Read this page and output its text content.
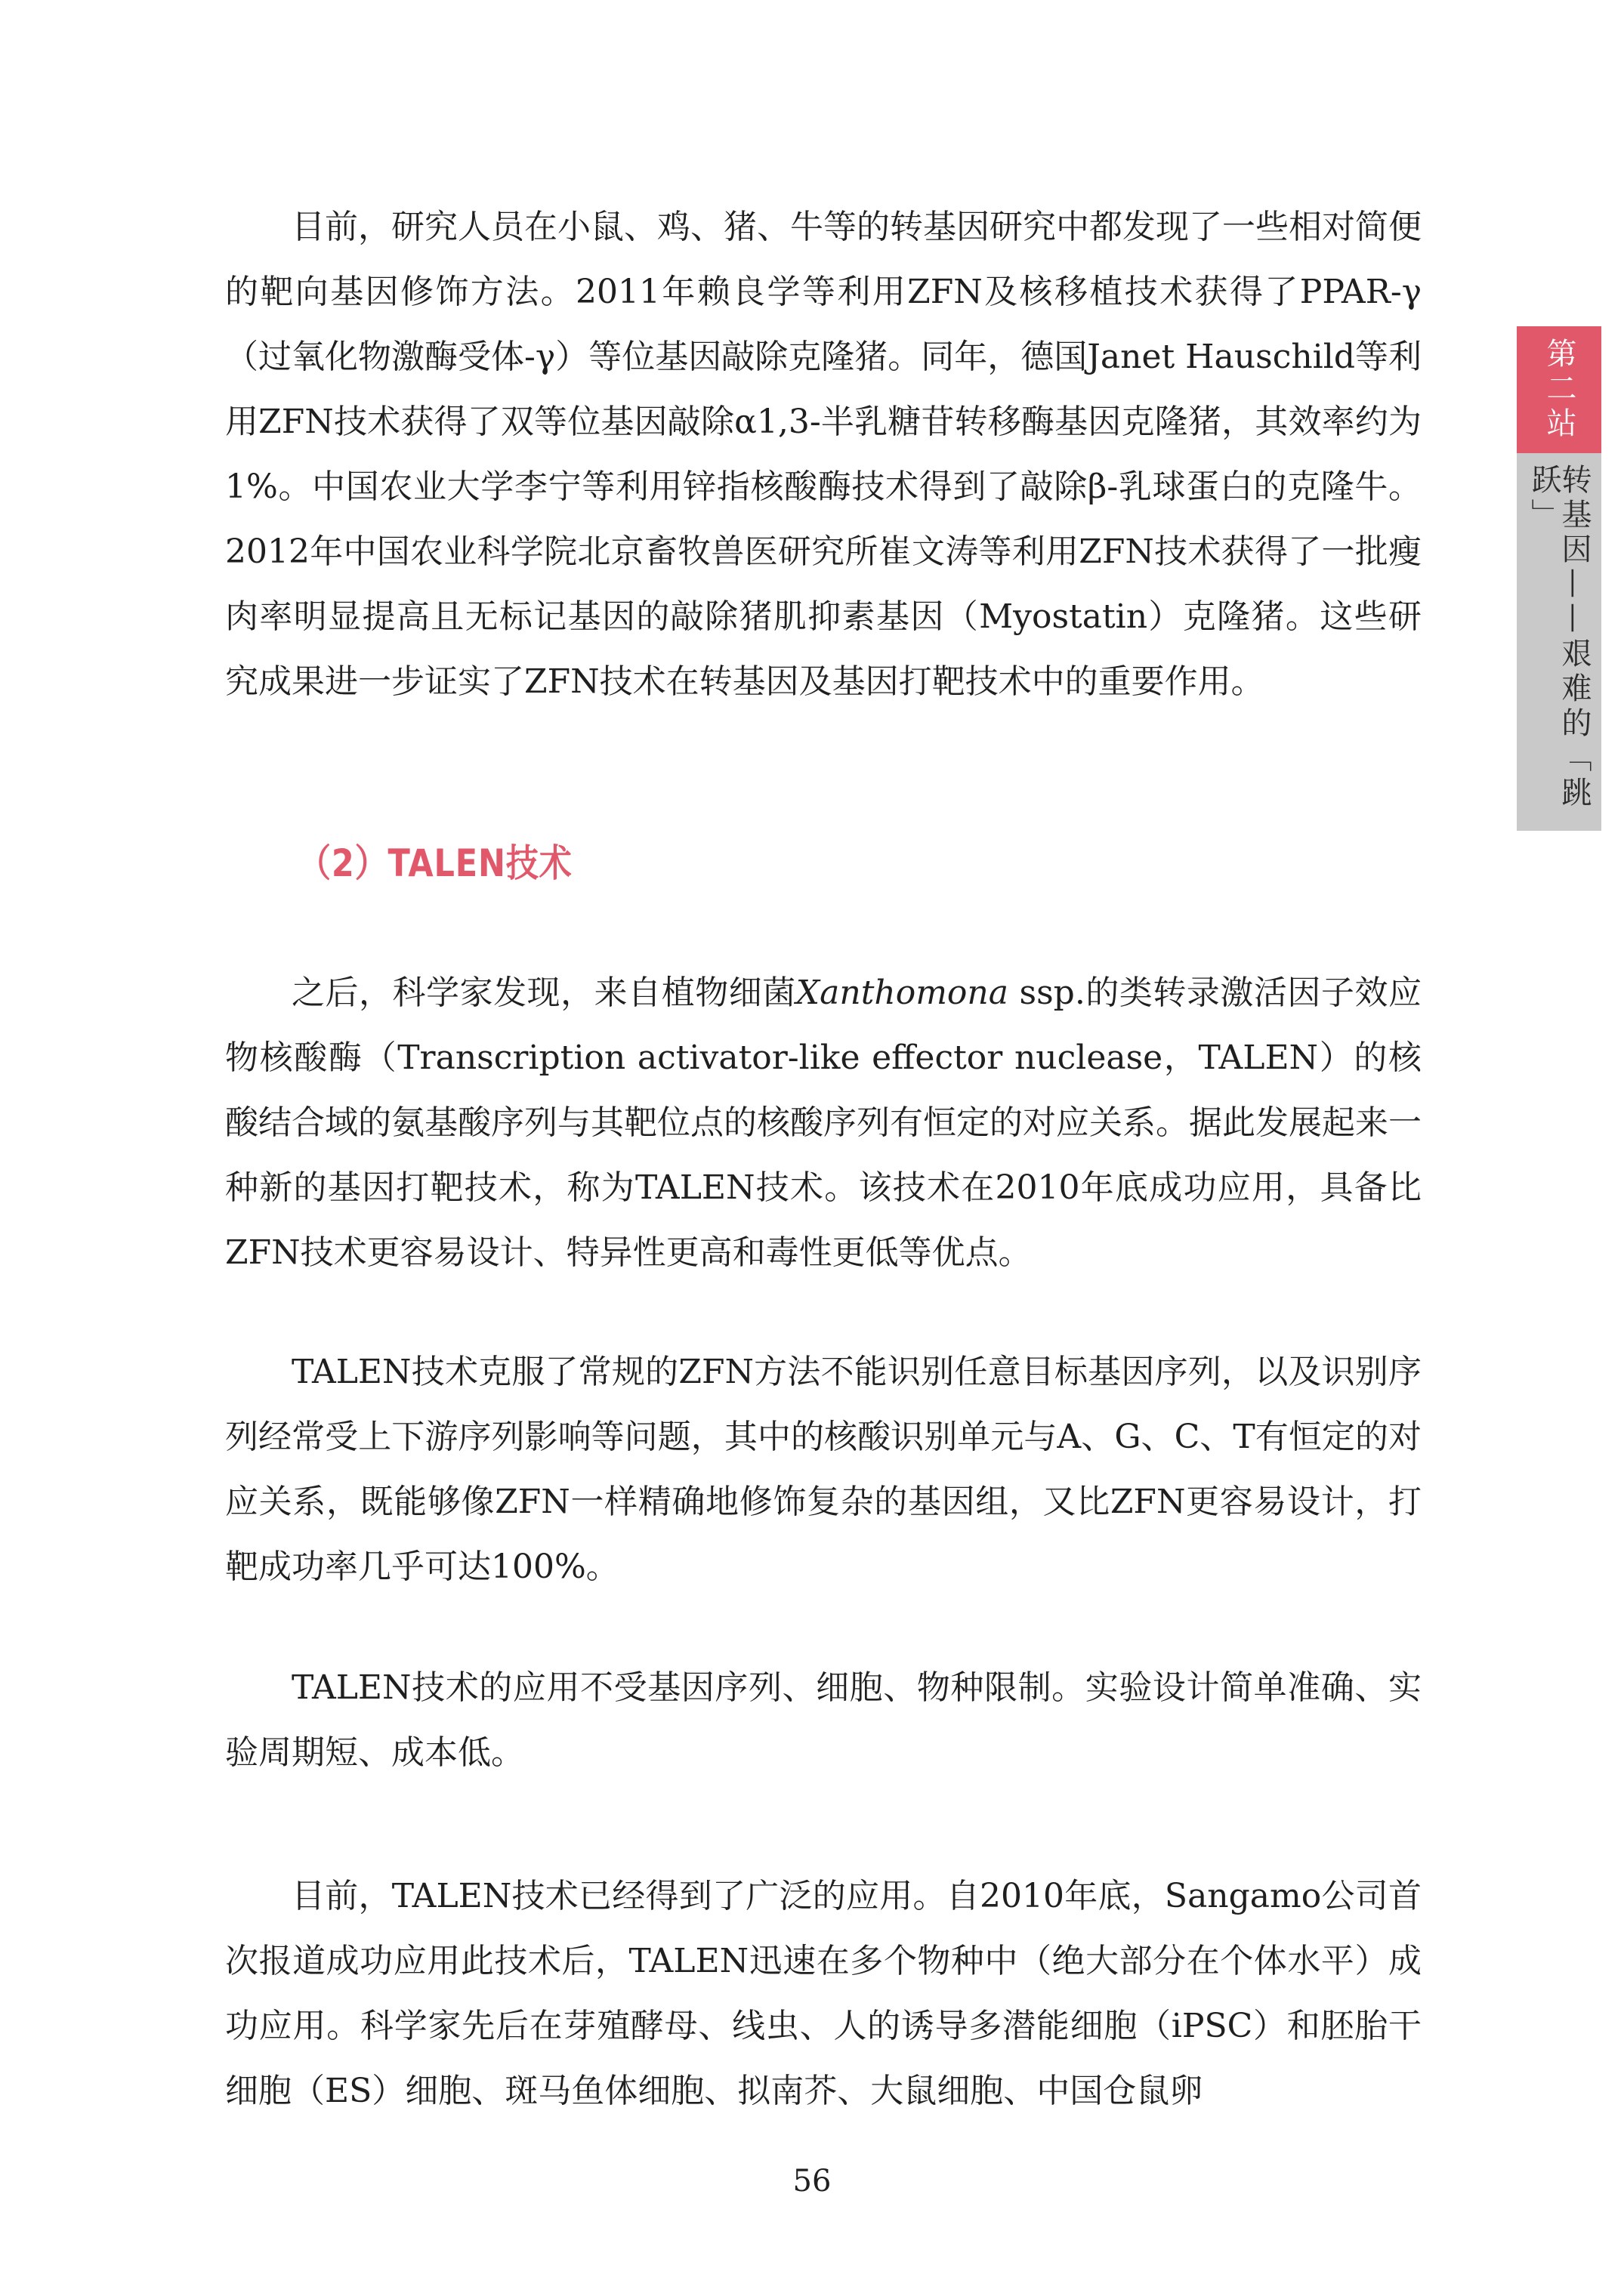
目前，研究人员在小鼠、鸡、猪、牛等的转基因研究中都发现了一些相对简便的靶向基因修饰方法。2011年赖良学等利用ZFN及核移植技术获得了PPAR-γ（过氧化物激酶受体-γ）等位基因敲除克隆猪。同年，德国Janet Hauschild等利用ZFN技术获得了双等位基因敲除α1,3-半乳糖苷转移酶基因克隆猪，其效率约为1%。中国农业大学李宁等利用锌指核酸酶技术得到了敲除β-乳球蛋白的克隆牛。2012年中国农业科学院北京畜牧兽医研究所崔文涛等利用ZFN技术获得了一批瘦肉率明显提高且无标记基因的敲除猪肌抑素基因（Myostatin）克隆猪。这些研究成果进一步证实了ZFN技术在转基因及基因打靶技术中的重要作用。

（2）TALEN技术

之后，科学家发现，来自植物细菌Xanthomona ssp.的类转录激活因子效应物核酸酶（Transcription activator-like effector nuclease，TALEN）的核酸结合域的氨基酸序列与其靶位点的核酸序列有恒定的对应关系。据此发展起来一种新的基因打靶技术，称为TALEN技术。该技术在2010年底成功应用，具备比ZFN技术更容易设计、特异性更高和毒性更低等优点。

TALEN技术克服了常规的ZFN方法不能识别任意目标基因序列，以及识别序列经常受上下游序列影响等问题，其中的核酸识别单元与A、G、C、T有恒定的对应关系，既能够像ZFN一样精确地修饰复杂的基因组，又比ZFN更容易设计，打靶成功率几乎可达100%。

TALEN技术的应用不受基因序列、细胞、物种限制。实验设计简单准确、实验周期短、成本低。

目前，TALEN技术已经得到了广泛的应用。自2010年底，Sangamo公司首次报道成功应用此技术后，TALEN迅速在多个物种中（绝大部分在个体水平）成功应用。科学家先后在芽殖酵母、线虫、人的诱导多潜能细胞（iPSC）和胚胎干细胞（ES）细胞、斑马鱼体细胞、拟南芥、大鼠细胞、中国仓鼠卵

第二站
转基因——艰难的「跳跃」

56
